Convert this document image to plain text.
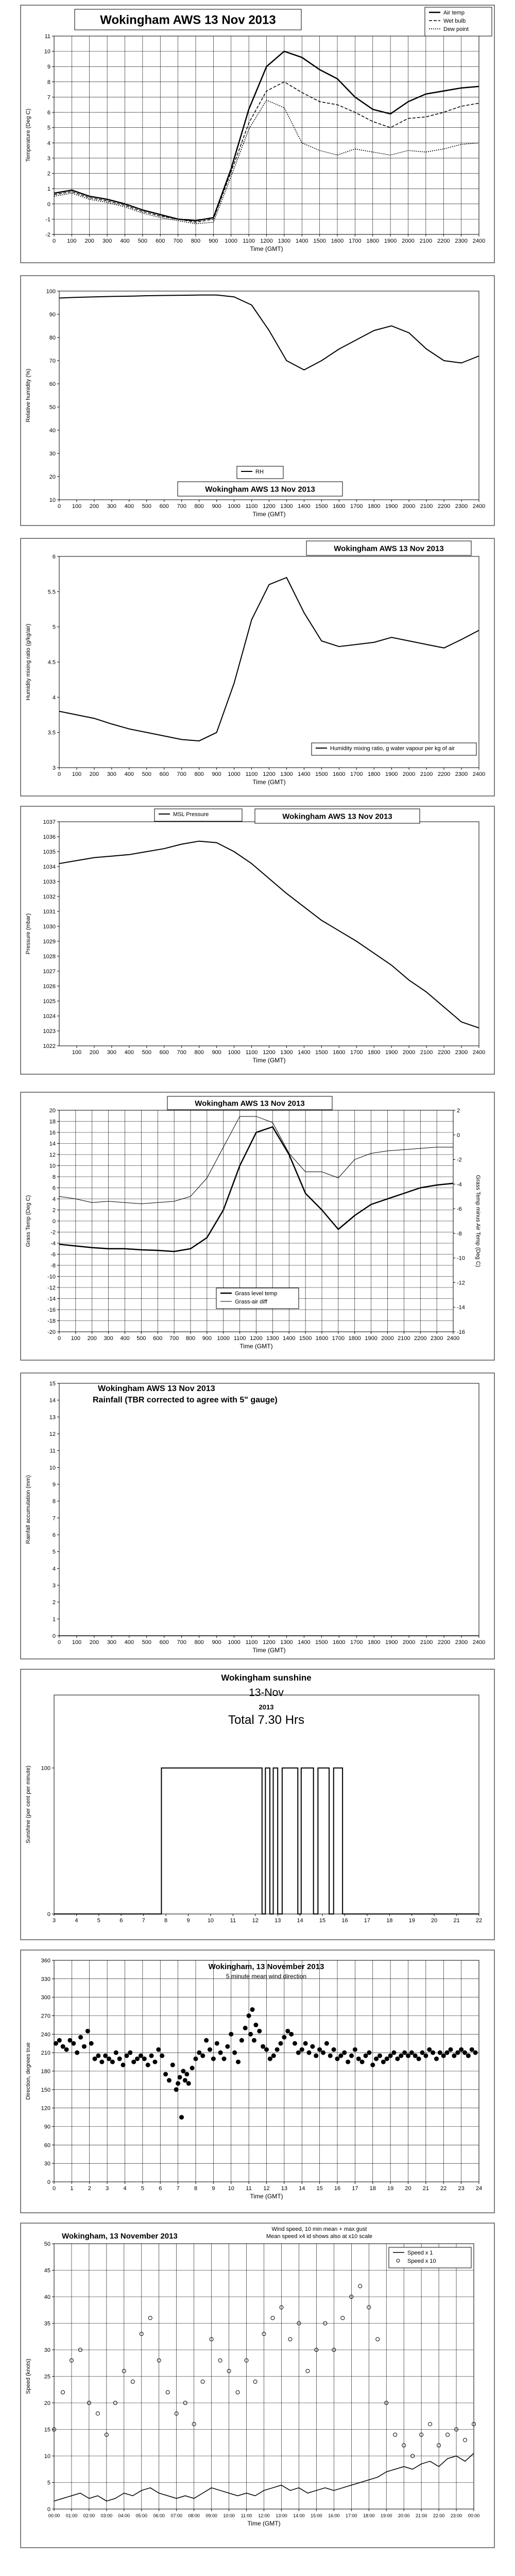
0 100 200 300 400 500 600 700 800 900 1000 1100 1200 1300 1400 1500 1600 1700 1800 1900 2000 2100 2200 2300 2400
-2
-1
0
1
2
3
4
5
6
7
8
9
10
11
Time (GMT)
Temperature (Deg C)
Wokingham AWS 13 Nov 2013
Air temp
Wet bulb
Dew point
0 100 200 300 400 500 600 700 800 900 1000 1100 1200 1300 1400 1500 1600 1700 1800 1900 2000 2100 2200 2300 2400
10
20
30
40
50
60
70
80
90
100
Time (GMT)
Relative humidity (%)
RH
Wokingham AWS 13 Nov 2013
0 100 200 300 400 500 600 700 800 900 1000 1100 1200 1300 1400 1500 1600 1700 1800 1900 2000 2100 2200 2300 2400
3
3.5
4
4.5
5
5.5
6
Time (GMT)
Humidity mixing ratio (g/kg/air)
Wokingham AWS 13 Nov 2013
Humidity mixing ratio, g water vapour per kg of air
100 200 300 400 500 600 700 800 900 1000 1100 1200 1300 1400 1500 1600 1700 1800 1900 2000 2100 2200 2300 2400
1022
1023
1024
1025
1026
1027
1028
1029
1030
1031
1032
1033
1034
1035
1036
1037
Time (GMT)
Pressure (mbar)
MSL Pressure	Wokingham AWS 13 Nov 2013
0 100 200 300 400 500 600 700 800 900 1000 1100 1200 1300 1400 1500 1600 1700 1800 1900 2000 2100 2200 2300 2400
-20
-18
-16
-14
-12
-10
-8
-6
-4
-2
0
2
4
6
8
10
12
14
16
18
20
-16
-14
-12
-10
-8
-6
-4
-2
0
2
Grass Temp minus Air Temp (Deg C)
Time (GMT)
Grass Temp (Deg C)
Wokingham AWS 13 Nov 2013
Grass level temp
Grass-air diff
0 100 200 300 400 500 600 700 800 900 1000 1100 1200 1300 1400 1500 1600 1700 1800 1900 2000 2100 2200 2300 2400
0
1
2
3
4
5
6
7
8
9
10
11
12
13
14
15
Time (GMT)
Rainfall accumulation (mm)
Wokingham AWS 13 Nov 2013
Rainfall (TBR corrected to agree with 5" gauge)
3	4	5	6	7	8	9	10	11	12	13	14	15	16	17	18	19	20	21	22
0
100
Sunshine (per cent per minute)
Wokingham sunshine
13-Nov
2013
Total 7.30 Hrs
0	1	2	3	4	5	6	7	8	9 10 11 12 13 14 15 16 17 18 19 20 21 22 23 24
0
30
60
90
120
150
180
210
240
270
300
330
360
Time (GMT)
Direction, degrees true
Wokingham, 13 November 2013
5 minute mean wind direction
00:00 01:00 02:00 03:00 04:00 05:00 06:00 07:00 08:00 09:00 10:00 11:00 12:00 13:00 14:00 15:00 16:00 17:00 18:00 19:00 20:00 21:00 22:00 23:00 00:00
0
5
10
15
20
25
30
35
40
45
50
Time (GMT)
Speed (knots)
Wokingham, 13 November 2013
Wind speed, 10 min mean + max gust
Mean speed x4 id shows also at x10 scale
Speed x 1
Speed x 10
